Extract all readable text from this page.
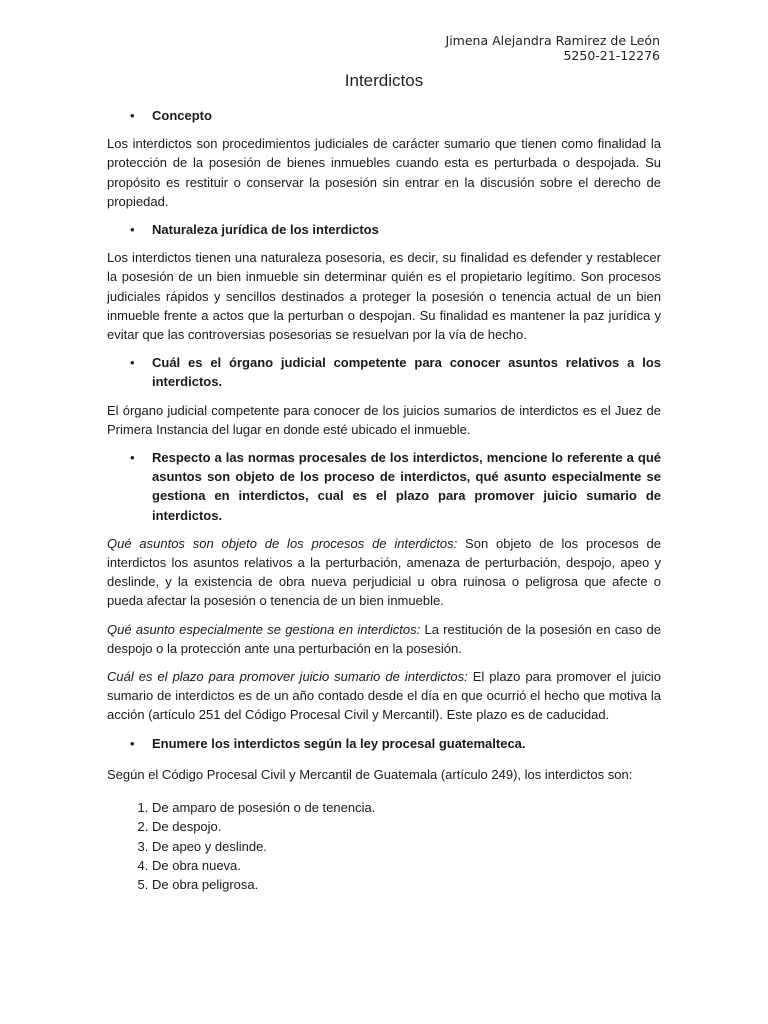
Jimena Alejandra Ramirez de León
5250-21-12276
Interdictos
• Concepto

Los interdictos son procedimientos judiciales de carácter sumario que tienen como finalidad la protección de la posesión de bienes inmuebles cuando esta es perturbada o despojada. Su propósito es restituir o conservar la posesión sin entrar en la discusión sobre el derecho de propiedad.

• Naturaleza jurídica de los interdictos

Los interdictos tienen una naturaleza posesoria, es decir, su finalidad es defender y restablecer la posesión de un bien inmueble sin determinar quién es el propietario legítimo. Son procesos judiciales rápidos y sencillos destinados a proteger la posesión o tenencia actual de un bien inmueble frente a actos que la perturban o despojan. Su finalidad es mantener la paz jurídica y evitar que las controversias posesorias se resuelvan por la vía de hecho.

• Cuál es el órgano judicial competente para conocer asuntos relativos a los interdictos.

El órgano judicial competente para conocer de los juicios sumarios de interdictos es el Juez de Primera Instancia del lugar en donde esté ubicado el inmueble.

• Respecto a las normas procesales de los interdictos, mencione lo referente a qué asuntos son objeto de los proceso de interdictos, qué asunto especialmente se gestiona en interdictos, cual es el plazo para promover juicio sumario de interdictos.

Qué asuntos son objeto de los procesos de interdictos: Son objeto de los procesos de interdictos los asuntos relativos a la perturbación, amenaza de perturbación, despojo, apeo y deslinde, y la existencia de obra nueva perjudicial u obra ruinosa o peligrosa que afecte o pueda afectar la posesión o tenencia de un bien inmueble.

Qué asunto especialmente se gestiona en interdictos: La restitución de la posesión en caso de despojo o la protección ante una perturbación en la posesión.

Cuál es el plazo para promover juicio sumario de interdictos: El plazo para promover el juicio sumario de interdictos es de un año contado desde el día en que ocurrió el hecho que motiva la acción (artículo 251 del Código Procesal Civil y Mercantil). Este plazo es de caducidad.

• Enumere los interdictos según la ley procesal guatemalteca.

Según el Código Procesal Civil y Mercantil de Guatemala (artículo 249), los interdictos son:

1. De amparo de posesión o de tenencia.
2. De despojo.
3. De apeo y deslinde.
4. De obra nueva.
5. De obra peligrosa.
